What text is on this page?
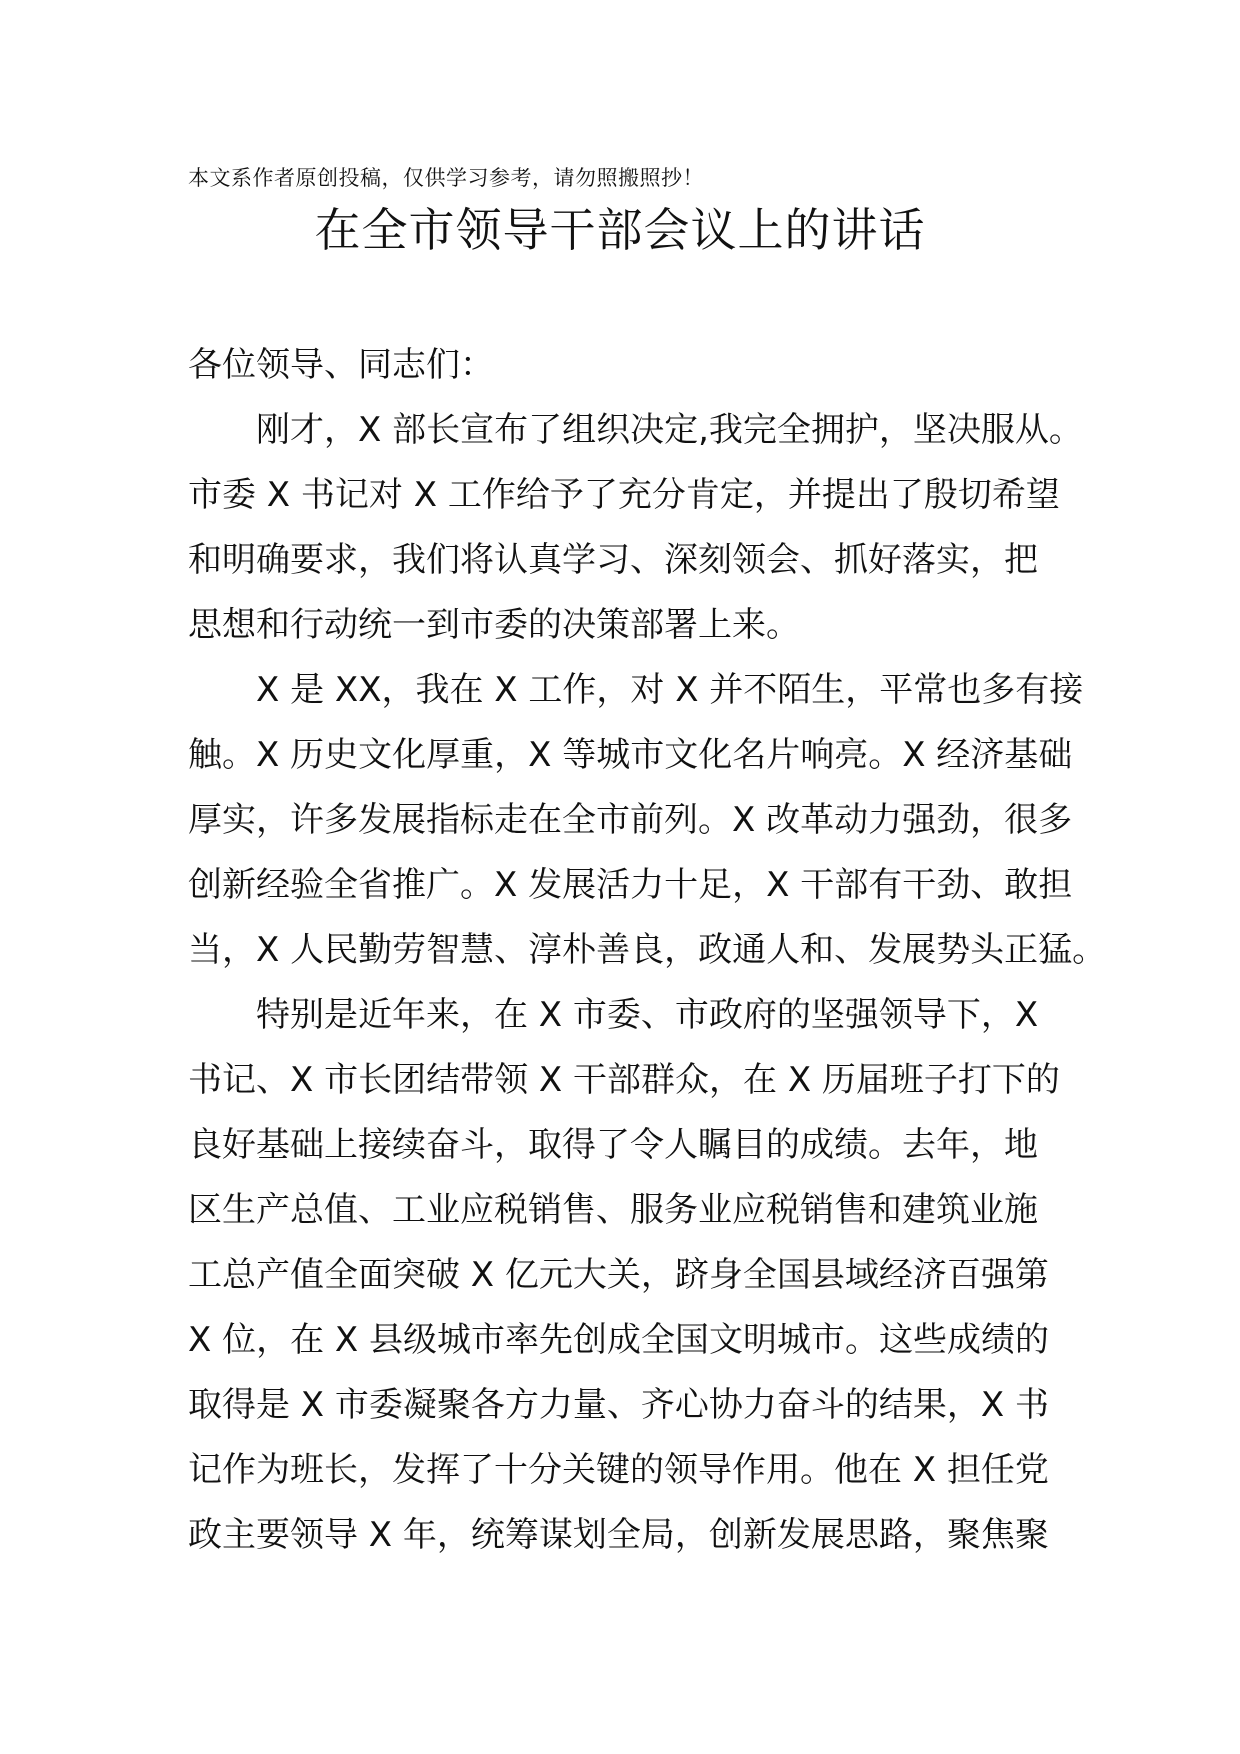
本文系作者原创投稿，仅供学习参考，请勿照搬照抄！
在全市领导干部会议上的讲话
各位领导、同志们：
刚才，X 部长宣布了组织决定,我完全拥护，坚决服从。
市委 X 书记对 X 工作给予了充分肯定，并提出了殷切希望
和明确要求，我们将认真学习、深刻领会、抓好落实，把
思想和行动统一到市委的决策部署上来。
X 是 XX，我在 X 工作，对 X 并不陌生，平常也多有接
触。X 历史文化厚重，X 等城市文化名片响亮。X 经济基础
厚实，许多发展指标走在全市前列。X 改革动力强劲，很多
创新经验全省推广。X 发展活力十足，X 干部有干劲、敢担
当，X 人民勤劳智慧、淳朴善良，政通人和、发展势头正猛。
特别是近年来，在 X 市委、市政府的坚强领导下，X
书记、X 市长团结带领 X 干部群众，在 X 历届班子打下的
良好基础上接续奋斗，取得了令人瞩目的成绩。去年，地
区生产总值、工业应税销售、服务业应税销售和建筑业施
工总产值全面突破 X 亿元大关，跻身全国县域经济百强第
X 位，在 X 县级城市率先创成全国文明城市。这些成绩的
取得是 X 市委凝聚各方力量、齐心协力奋斗的结果，X 书
记作为班长，发挥了十分关键的领导作用。他在 X 担任党
政主要领导 X 年，统筹谋划全局，创新发展思路，聚焦聚
